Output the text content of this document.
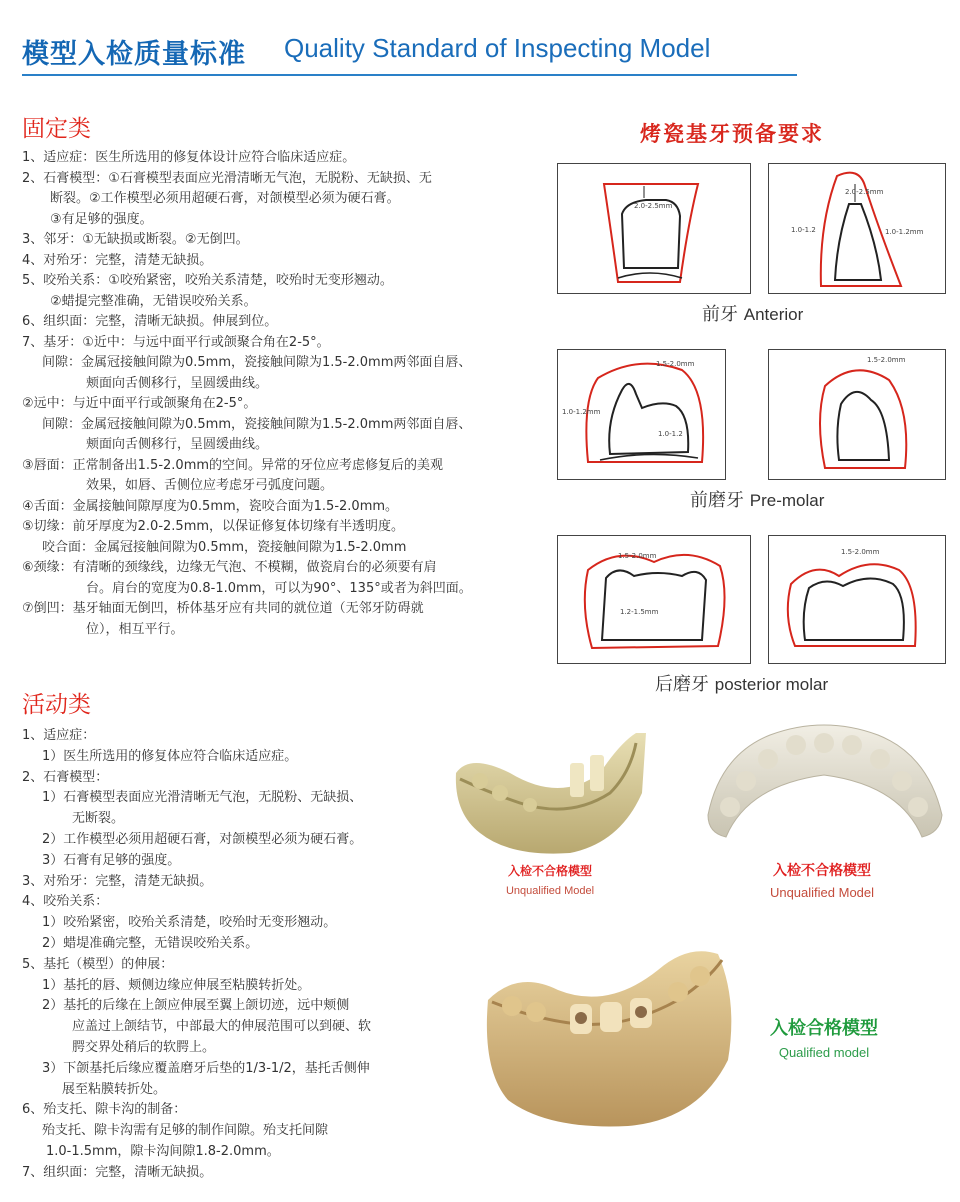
模型入检质量标准 Quality Standard of Inspecting Model
固定类
1、适应症：医生所选用的修复体设计应符合临床适应症。
2、石膏模型：①石膏模型表面应光滑清晰无气泡，无脱粉、无缺损、无
断裂。②工作模型必须用超硬石膏，对颌模型必须为硬石膏。
③有足够的强度。
3、邻牙：①无缺损或断裂。②无倒凹。
4、对殆牙：完整，清楚无缺损。
5、咬殆关系：①咬殆紧密，咬殆关系清楚，咬殆时无变形翘动。
②蜡提完整准确，无错误咬殆关系。
6、组织面：完整，清晰无缺损。伸展到位。
7、基牙：①近中：与远中面平行或颌聚合角在2-5°。
间隙：金属冠接触间隙为0.5mm，瓷接触间隙为1.5-2.0mm两邻面自唇、
颊面向舌侧移行，呈圆缓曲线。
②远中：与近中面平行或颌聚角在2-5°。
间隙：金属冠接触间隙为0.5mm，瓷接触间隙为1.5-2.0mm两邻面自唇、
颊面向舌侧移行，呈圆缓曲线。
③唇面：正常制备出1.5-2.0mm的空间。异常的牙位应考虑修复后的美观
效果，如唇、舌侧位应考虑牙弓弧度问题。
④舌面：金属接触间隙厚度为0.5mm，瓷咬合面为1.5-2.0mm。
⑤切缘：前牙厚度为2.0-2.5mm，以保证修复体切缘有半透明度。
咬合面：金属冠接触间隙为0.5mm，瓷接触间隙为1.5-2.0mm
⑥颈缘：有清晰的颈缘线，边缘无气泡、不模糊，做瓷肩台的必须要有肩
台。肩台的宽度为0.8-1.0mm，可以为90°、135°或者为斜凹面。
⑦倒凹：基牙轴面无倒凹，桥体基牙应有共同的就位道（无邻牙防碍就
位），相互平行。
烤瓷基牙预备要求
2.0-2.5mm
2.0-2.5mm
1.0-1.2	1.0-1.2mm
前牙 Anterior
1.5-2.0mm
1.0-1.2mm
1.0-1.2
1.5-2.0mm
前磨牙 Pre-molar
1.5-2.0mm
1.2-1.5mm
1.5-2.0mm
后磨牙 posterior molar
活动类
1、适应症：
1）医生所选用的修复体应符合临床适应症。
2、石膏模型：
1）石膏模型表面应光滑清晰无气泡，无脱粉、无缺损、
无断裂。
2）工作模型必须用超硬石膏，对颌模型必须为硬石膏。
3）石膏有足够的强度。
3、对殆牙：完整，清楚无缺损。
4、咬殆关系：
1）咬殆紧密，咬殆关系清楚，咬殆时无变形翘动。
2）蜡堤准确完整，无错误咬殆关系。
5、基托（模型）的伸展：
1）基托的唇、颊侧边缘应伸展至粘膜转折处。
2）基托的后缘在上颌应伸展至翼上颌切迹，远中颊侧
应盖过上颌结节，中部最大的伸展范围可以到硬、软
腭交界处稍后的软腭上。
3）下颌基托后缘应覆盖磨牙后垫的1/3-1/2，基托舌侧伸
展至粘膜转折处。
6、殆支托、隙卡沟的制备：
殆支托、隙卡沟需有足够的制作间隙。殆支托间隙
1.0-1.5mm，隙卡沟间隙1.8-2.0mm。
7、组织面：完整，清晰无缺损。
入检不合格模型
Unqualified Model
入检不合格模型
Unqualified Model
入检合格模型
Qualified model
